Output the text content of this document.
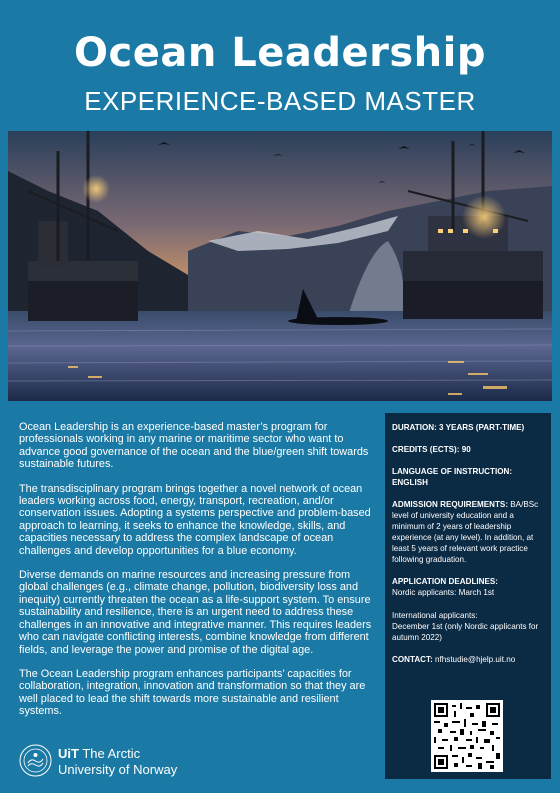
Ocean Leadership
EXPERIENCE-BASED MASTER

Ocean Leadership is an experience-based master’s program for professionals working in any marine or maritime sector who want to advance good governance of the ocean and the blue/green shift towards sustainable futures.

The transdisciplinary program brings together a novel network of ocean leaders working across food, energy, transport, recreation, and/or conservation issues. Adopting a systems perspective and problem-based approach to learning, it seeks to enhance the knowledge, skills, and capacities necessary to address the complex landscape of ocean challenges and develop opportunities for a blue economy.

Diverse demands on marine resources and increasing pressure from global challenges (e.g., climate change, pollution, biodiversity loss and inequity) currently threaten the ocean as a life-support system. To ensure sustainability and resilience, there is an urgent need to address these challenges in an innovative and integrative manner. This requires leaders who can navigate conflicting interests, combine knowledge from different fields, and leverage the power and promise of the digital age.

The Ocean Leadership program enhances participants’ capacities for collaboration, integration, innovation and transformation so that they are well placed to lead the shift towards more sustainable and resilient systems.

DURATION: 3 YEARS (PART-TIME)
CREDITS (ECTS): 90
LANGUAGE OF INSTRUCTION: ENGLISH
ADMISSION REQUIREMENTS: BA/BSc level of university education and a minimum of 2 years of leadership experience (at any level). In addition, at least 5 years of relevant work practice following graduation.
APPLICATION DEADLINES:
Nordic applicants: March 1st
International applicants:
December 1st (only Nordic applicants for autumn 2022)
CONTACT: nfhstudie@hjelp.uit.no
UiT The Arctic
University of Norway
